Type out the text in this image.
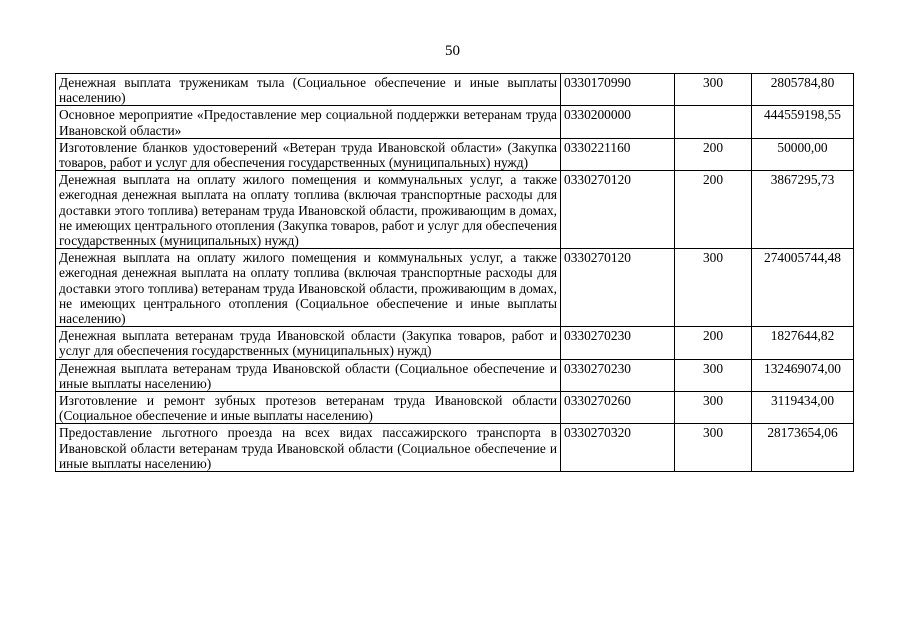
50
Денежная выплата труженикам тыла (Социальное обеспечение и иные выплаты населению)	0330170990	300	2805784,80
Основное мероприятие «Предоставление мер социальной поддержки ветеранам труда Ивановской области»	0330200000		444559198,55
Изготовление бланков удостоверений «Ветеран труда Ивановской области» (Закупка товаров, работ и услуг для обеспечения государственных (муниципальных) нужд)	0330221160	200	50000,00
Денежная выплата на оплату жилого помещения и коммунальных услуг, а также ежегодная денежная выплата на оплату топлива (включая транспортные расходы для доставки этого топлива) ветеранам труда Ивановской области, проживающим в домах, не имеющих центрального отопления (Закупка товаров, работ и услуг для обеспечения государственных (муниципальных) нужд)	0330270120	200	3867295,73
Денежная выплата на оплату жилого помещения и коммунальных услуг, а также ежегодная денежная выплата на оплату топлива (включая транспортные расходы для доставки этого топлива) ветеранам труда Ивановской области, проживающим в домах, не имеющих центрального отопления (Социальное обеспечение и иные выплаты населению)	0330270120	300	274005744,48
Денежная выплата ветеранам труда Ивановской области (Закупка товаров, работ и услуг для обеспечения государственных (муниципальных) нужд)	0330270230	200	1827644,82
Денежная выплата ветеранам труда Ивановской области (Социальное обеспечение и иные выплаты населению)	0330270230	300	132469074,00
Изготовление и ремонт зубных протезов ветеранам труда Ивановской области (Социальное обеспечение и иные выплаты населению)	0330270260	300	3119434,00
Предоставление льготного проезда на всех видах пассажирского транспорта в Ивановской области ветеранам труда Ивановской области (Социальное обеспечение и иные выплаты населению)	0330270320	300	28173654,06
